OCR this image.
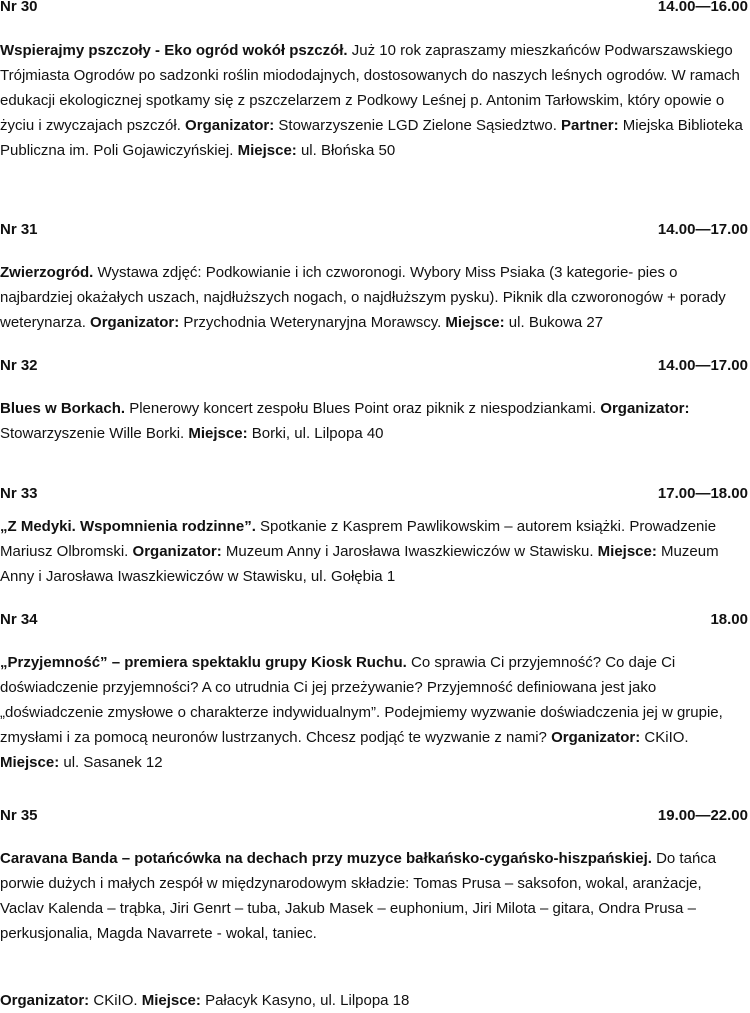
Nr 30	14.00—16.00

Wspierajmy pszczoły - Eko ogród wokół pszczół. Już 10 rok zapraszamy mieszkańców Podwarszawskiego Trójmiasta Ogrodów po sadzonki roślin miododajnych, dostosowanych do naszych leśnych ogrodów. W ramach edukacji ekologicznej spotkamy się z pszczelarzem z Podkowy Leśnej p. Antonim Tarłowskim, który opowie o życiu i zwyczajach pszczół. Organizator: Stowarzyszenie LGD Zielone Sąsiedztwo. Partner: Miejska Biblioteka Publiczna im. Poli Gojawiczyńskiej. Miejsce: ul. Błońska 50

Nr 31	14.00—17.00

Zwierzogród. Wystawa zdjęć: Podkowianie i ich czworonogi. Wybory Miss Psiaka (3 kategorie- pies o najbardziej okażałych uszach, najdłuższych nogach, o najdłuższym pysku). Piknik dla czworonogów + porady weterynarza. Organizator: Przychodnia Weterynaryjna Morawscy. Miejsce: ul. Bukowa 27

Nr 32	14.00—17.00

Blues w Borkach. Plenerowy koncert zespołu Blues Point oraz piknik z niespodziankami. Organizator: Stowarzyszenie Wille Borki. Miejsce: Borki, ul. Lilpopa 40

Nr 33	17.00—18.00

„Z Medyki. Wspomnienia rodzinne”. Spotkanie z Kasprem Pawlikowskim – autorem książki. Prowadzenie Mariusz Olbromski. Organizator: Muzeum Anny i Jarosława Iwaszkiewiczów w Stawisku. Miejsce: Muzeum Anny i Jarosława Iwaszkiewiczów w Stawisku, ul. Gołębia 1

Nr 34	18.00

„Przyjemność” – premiera spektaklu grupy Kiosk Ruchu. Co sprawia Ci przyjemność? Co daje Ci doświadczenie przyjemności? A co utrudnia Ci jej przeżywanie? Przyjemność definiowana jest jako „doświadczenie zmysłowe o charakterze indywidualnym”. Podejmiemy wyzwanie doświadczenia jej w grupie, zmysłami i za pomocą neuronów lustrzanych. Chcesz podjąć te wyzwanie z nami? Organizator: CKiIO. Miejsce: ul. Sasanek 12

Nr 35	19.00—22.00

Caravana Banda – potańcówka na dechach przy muzyce bałkańsko-cygańsko-hiszpańskiej. Do tańca porwie dużych i małych zespół w międzynarodowym składzie: Tomas Prusa – saksofon, wokal, aranżacje, Vaclav Kalenda – trąbka, Jiri Genrt – tuba, Jakub Masek – euphonium, Jiri Milota – gitara, Ondra Prusa – perkusjonalia, Magda Navarrete - wokal, taniec.

Organizator: CKiIO. Miejsce: Pałacyk Kasyno, ul. Lilpopa 18
